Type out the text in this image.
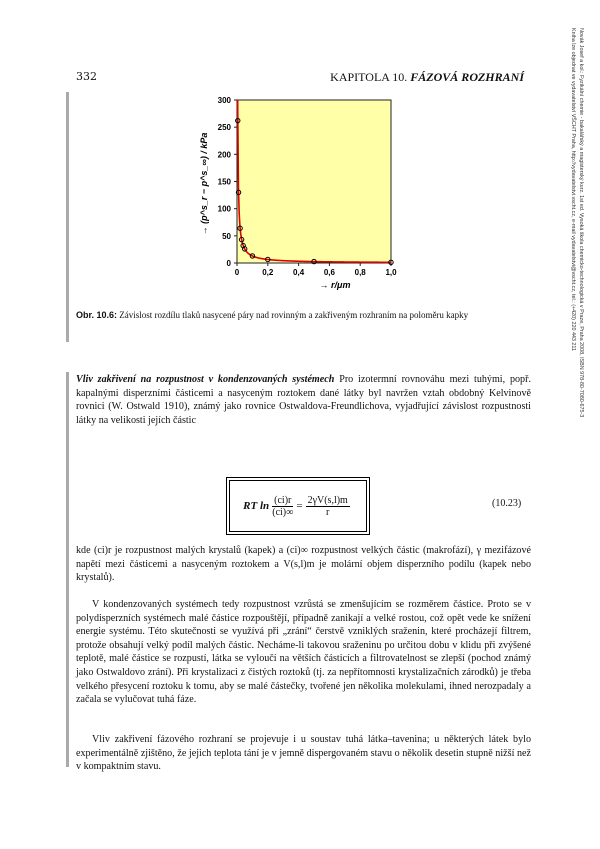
332	KAPITOLA 10. FÁZOVÁ ROZHRANÍ	Novák Josef a kol.: Fyzikální chemie - bakalářský a magisterský kurz. 1st ed. Vysoká škola chemicko-technologická v Praze, Praha 2008, ISBN 978-80-7080-675-3
Kniha lze objednat ve vydavatelství VŠCHT Praha, http://vydavatelstvi.vscht.cz, e-mail vydavatelstvi@vscht.cz, tel.: (+420) 220 443 211
0
50
100
150
200
250
300
0	0,2 0,4 0,6 0,8 1,0
→ (p^s_r − p^s_∞) / kPa
→ r/μm
Obr. 10.6: Závislost rozdílu tlaků nasycené páry nad rovinným a zakřiveným rozhraním na poloměru kapky
Vliv zakřivení na rozpustnost v kondenzovaných systémech Pro izotermní rovnováhu mezi tuhými, popř. kapalnými disperzními částicemi a nasyceným roztokem dané látky byl navržen vztah obdobný Kelvinově rovnici (W. Ostwald 1910), známý jako rovnice Ostwaldova-Freundlichova, vyjadřující závislost rozpustnosti látky na velikosti jejích částic
RT $\ln \frac{(ci)r}{(ci)\infty} = \frac{2\gamma V(s,l)m}{r}$	(10.23)
kde (ci)r je rozpustnost malých krystalů (kapek) a (ci)∞ rozpustnost velkých částic (makrofází), γ mezifázové napětí mezi částicemi a nasyceným roztokem a V(s,l)m je molární objem disperzního podílu (kapek nebo krystalů).
V kondenzovaných systémech tedy rozpustnost vzrůstá se zmenšujícím se rozměrem částice. Proto se v polydisperzních systémech malé částice rozpouštějí, případně zanikají a velké rostou, což opět vede ke snížení energie systému. Této skutečnosti se využívá při „zrání“ čerstvě vzniklých sraženin, které procházejí filtrem, protože obsahují velký podíl malých částic. Necháme-li takovou sraženinu po určitou dobu v klidu při zvýšené teplotě, malé částice se rozpustí, látka se vyloučí na větších částicích a filtrovatelnost se zlepší (pochod známý jako Ostwaldovo zrání). Při krystalizaci z čistých roztoků (tj. za nepřítomnosti krystalizačních zárodků) je třeba velkého přesycení roztoku k tomu, aby se malé částečky, tvořené jen několika molekulami, ihned nerozpadaly a začala se vylučovat tuhá fáze.
Vliv zakřivení fázového rozhraní se projevuje i u soustav tuhá látka–tavenina; u některých látek bylo experimentálně zjištěno, že jejich teplota tání je v jemně dispergovaném stavu o několik desetin stupně nižší než v kompaktním stavu.
